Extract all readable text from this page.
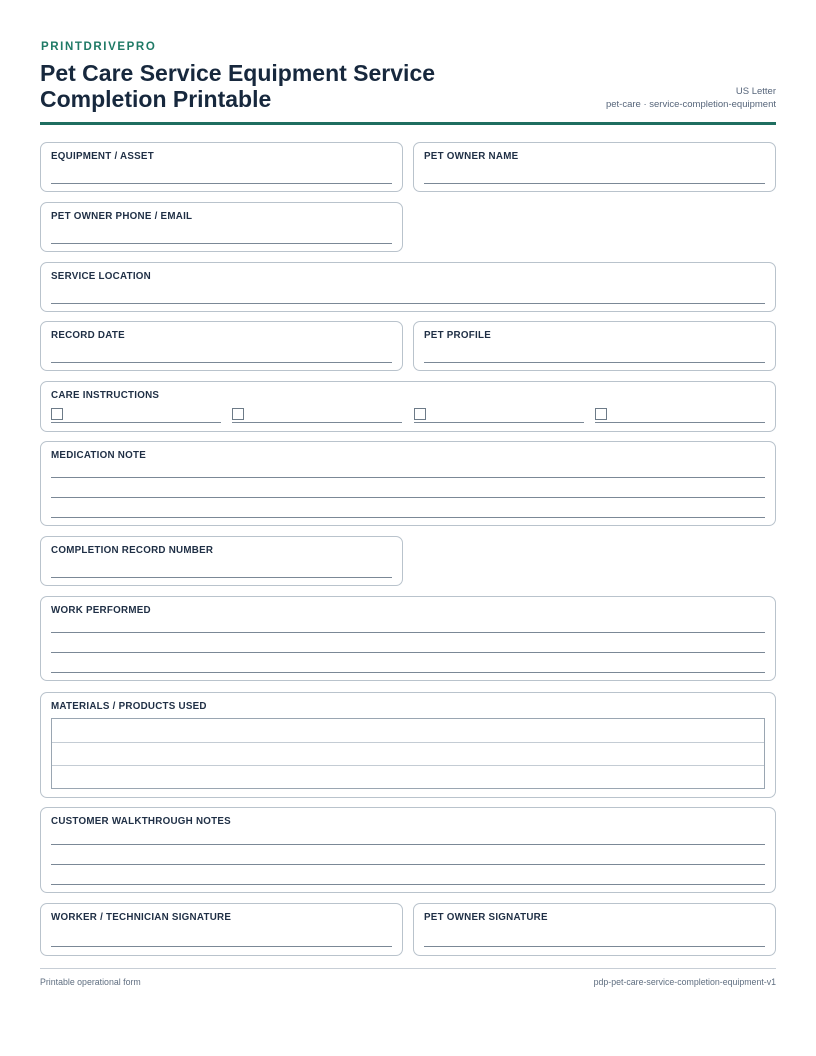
PRINTDRIVEPRO
Pet Care Service Equipment Service Completion Printable	US Letter
pet-care · service-completion-equipment
EQUIPMENT / ASSET	PET OWNER NAME
PET OWNER PHONE / EMAIL
SERVICE LOCATION
RECORD DATE	PET PROFILE
CARE INSTRUCTIONS
MEDICATION NOTE
COMPLETION RECORD NUMBER
WORK PERFORMED
MATERIALS / PRODUCTS USED
CUSTOMER WALKTHROUGH NOTES
WORKER / TECHNICIAN SIGNATURE	PET OWNER SIGNATURE
Printable operational form	pdp-pet-care-service-completion-equipment-v1
